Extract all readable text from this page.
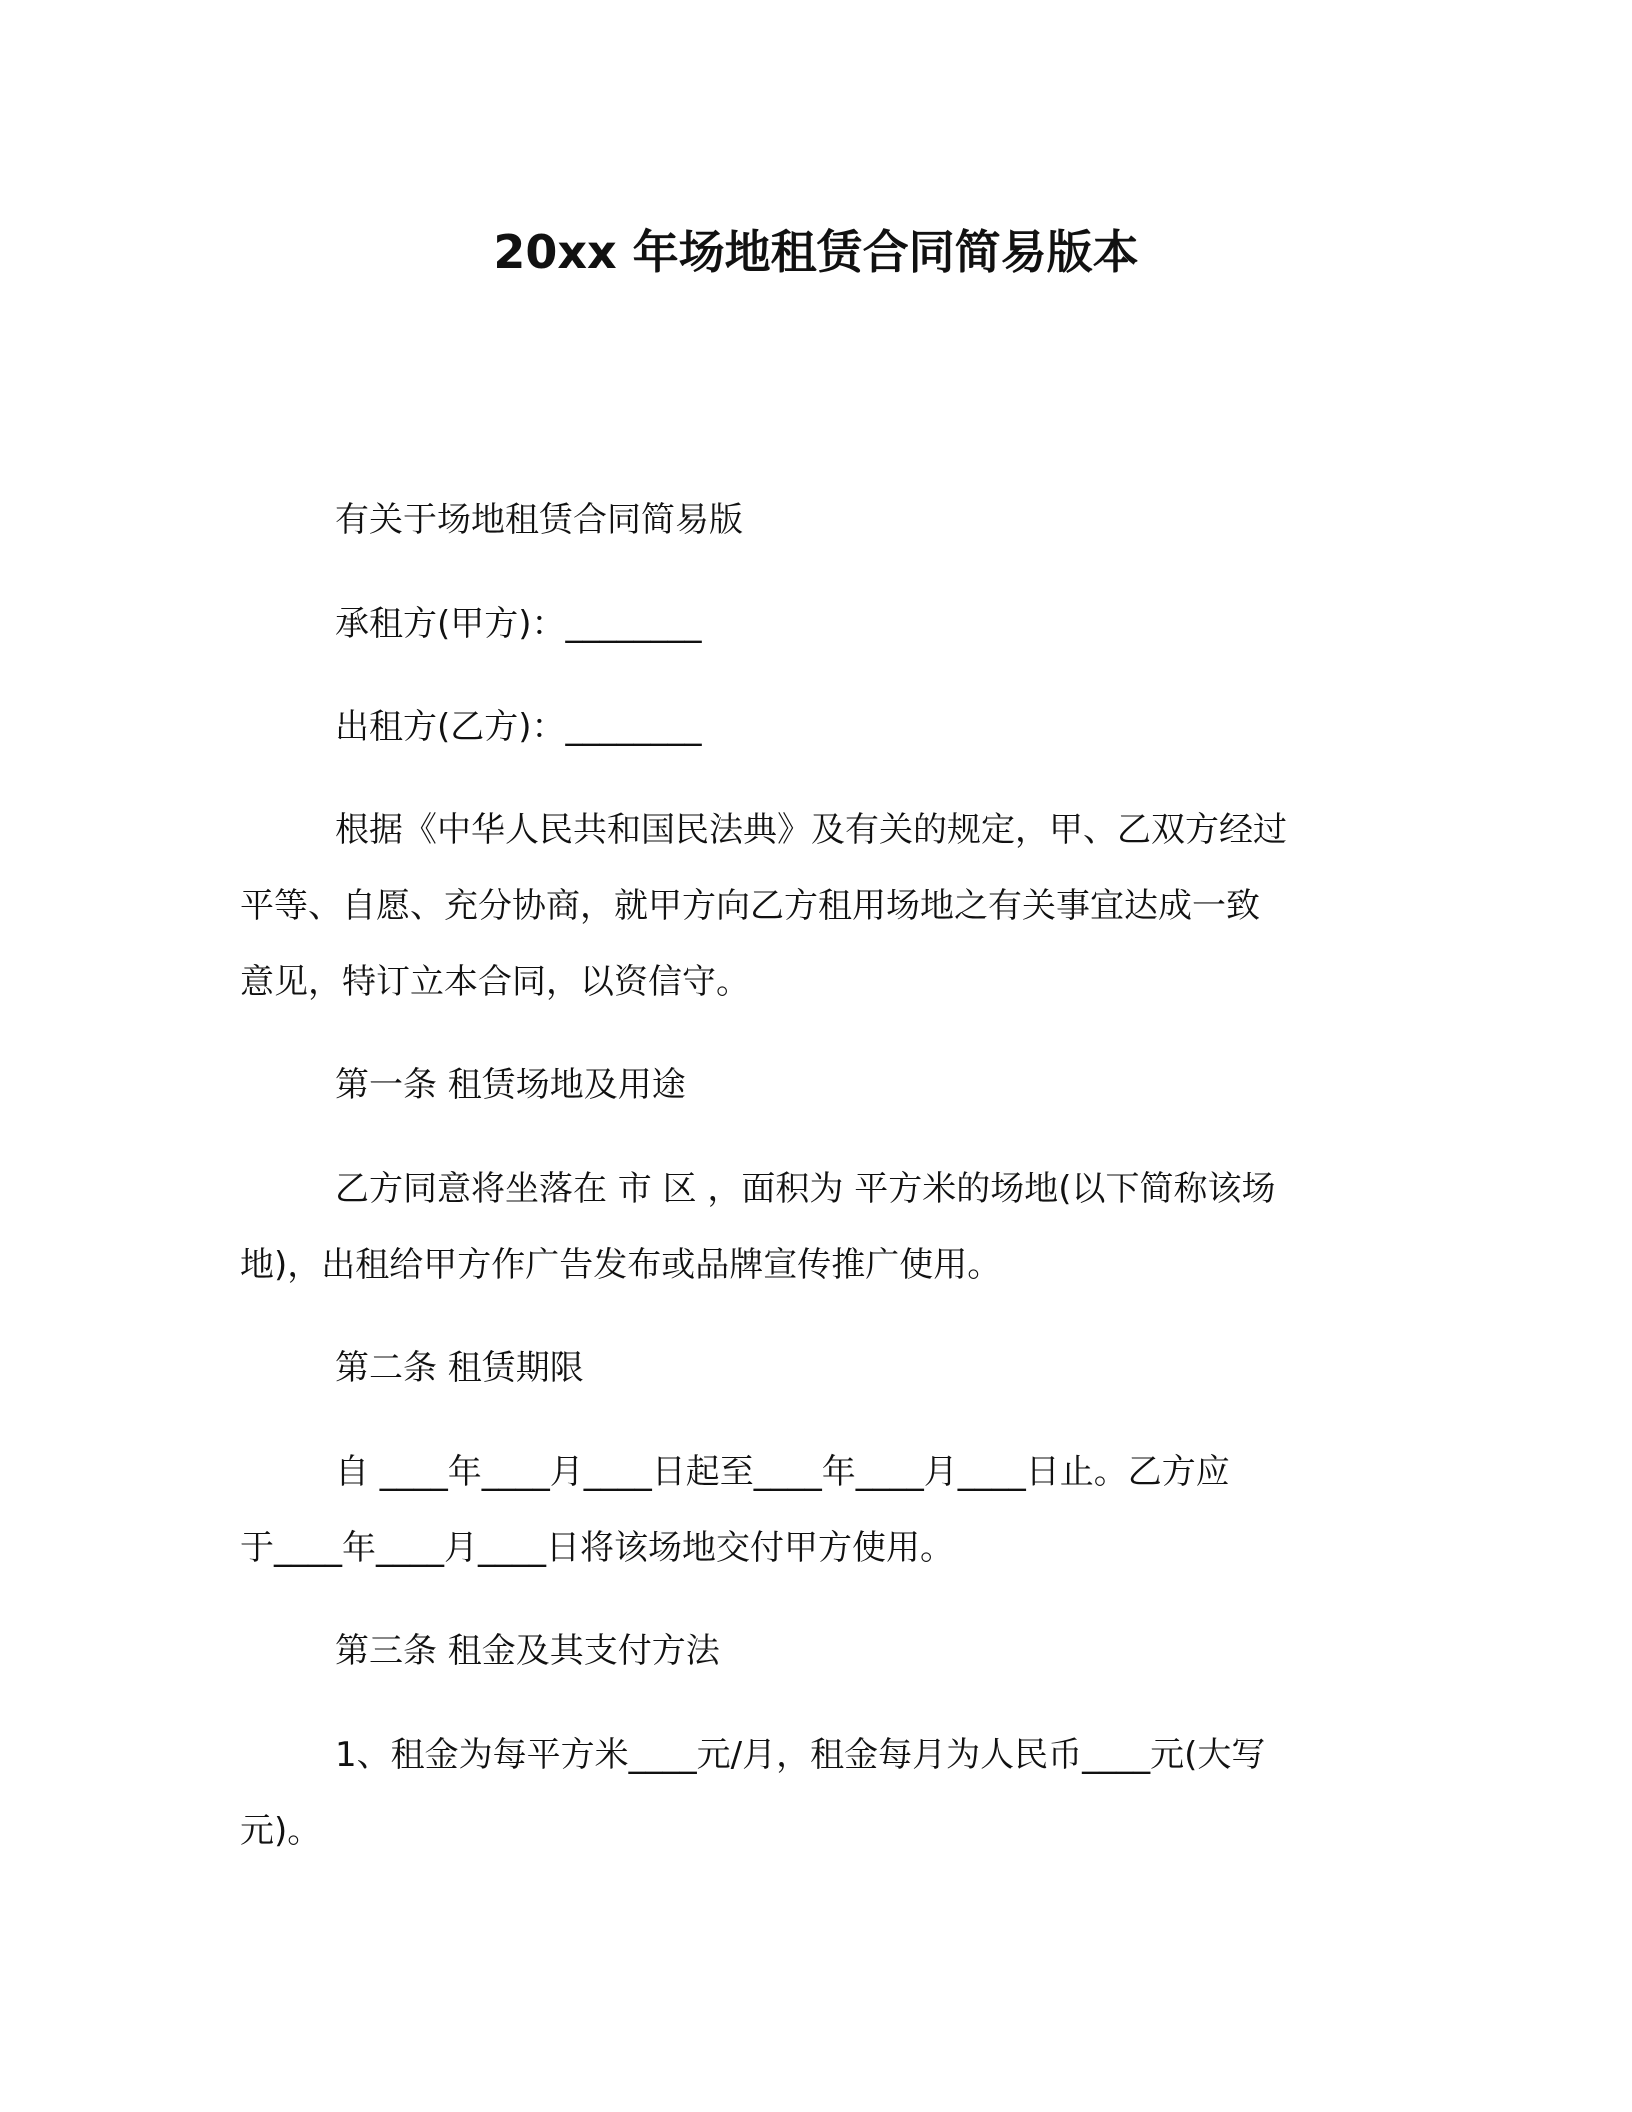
20xx 年场地租赁合同简易版本
有关于场地租赁合同简易版
承租方(甲方)：________
出租方(乙方)：________
根据《中华人民共和国民法典》及有关的规定，甲、乙双方经过
平等、自愿、充分协商，就甲方向乙方租用场地之有关事宜达成一致
意见，特订立本合同，以资信守。
第一条 租赁场地及用途
乙方同意将坐落在 市 区 ，面积为 平方米的场地(以下简称该场
地)，出租给甲方作广告发布或品牌宣传推广使用。
第二条 租赁期限
自 ____年____月____日起至____年____月____日止。乙方应
于____年____月____日将该场地交付甲方使用。
第三条 租金及其支付方法
1、租金为每平方米____元/月，租金每月为人民币____元(大写
元)。
